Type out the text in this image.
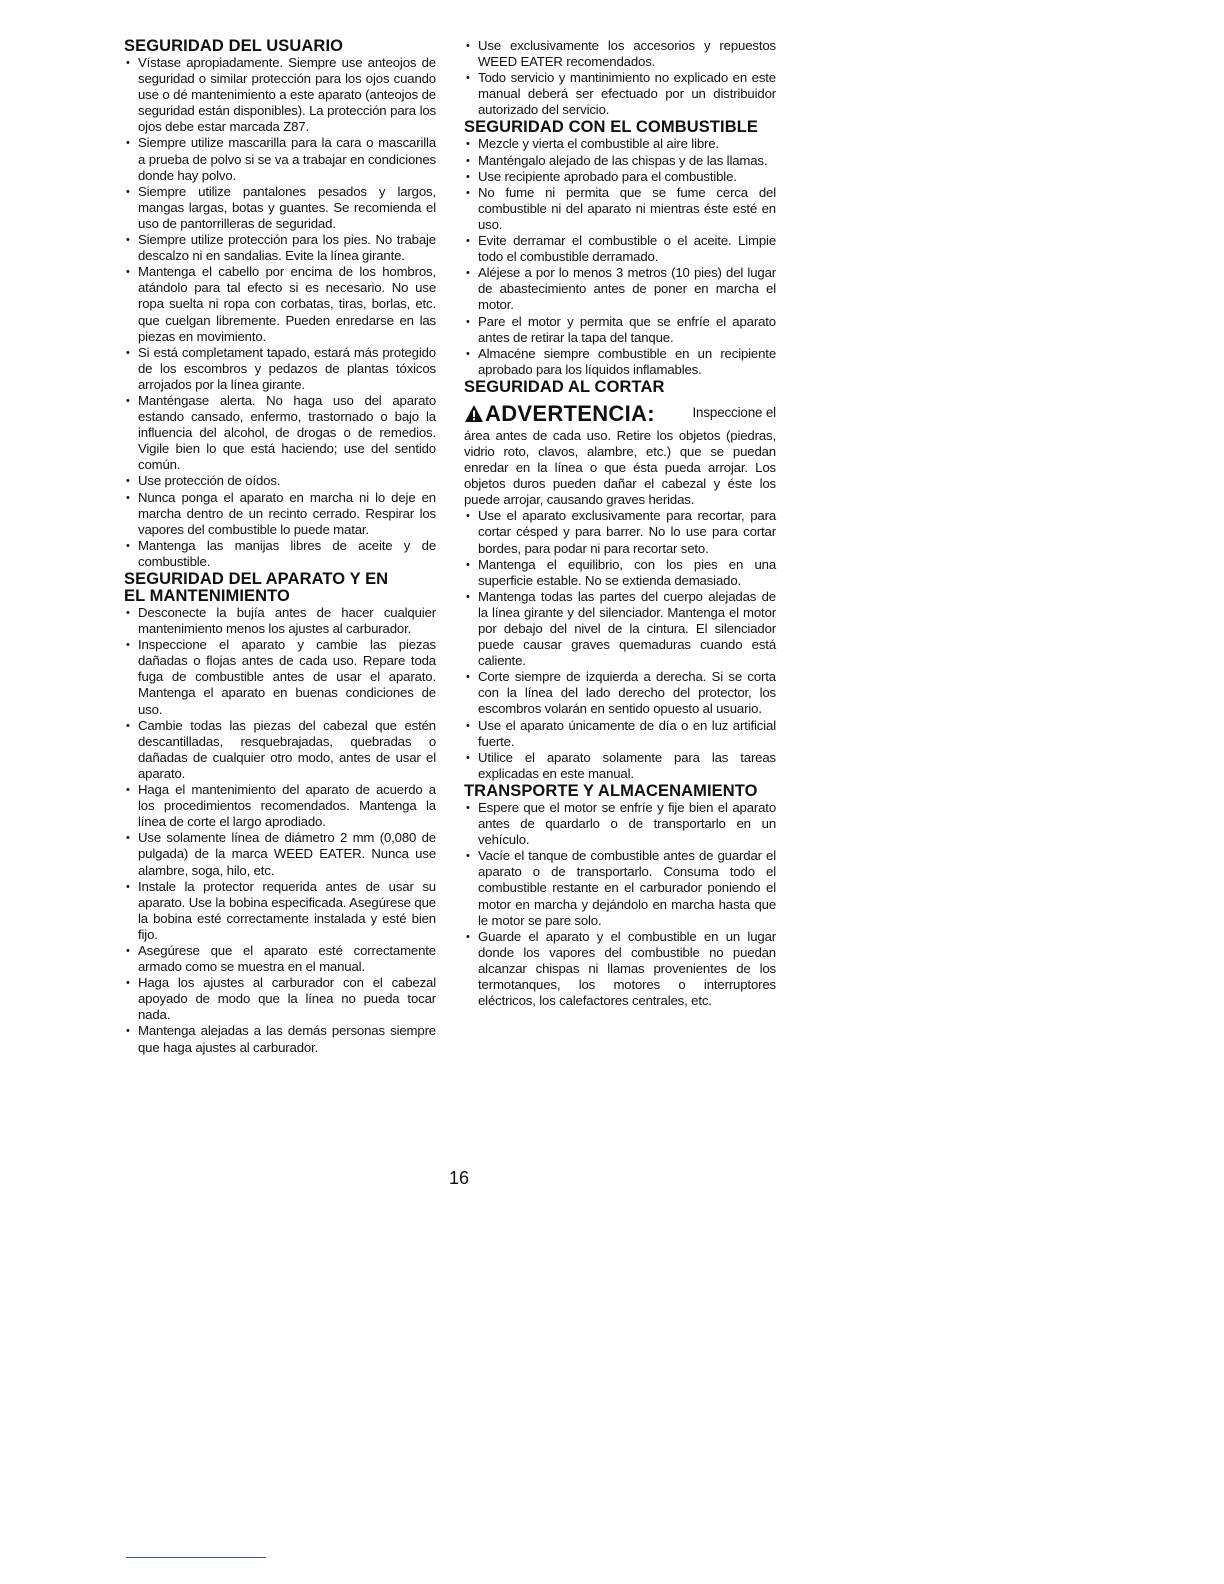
SEGURIDAD DEL USUARIO
• Vístase apropiadamente. Siempre use anteojos de seguridad o similar protección para los ojos cuando use o dé mantenimiento a este aparato (anteojos de seguridad están disponibles). La protección para los ojos debe estar marcada Z87.
• Siempre utilize mascarilla para la cara o mascarilla a prueba de polvo si se va a trabajar en condiciones donde hay polvo.
• Siempre utilize pantalones pesados y largos, mangas largas, botas y guantes. Se recomienda el uso de pantorrilleras de seguridad.
• Siempre utilize protección para los pies. No trabaje descalzo ni en sandalias. Evite la línea girante.
• Mantenga el cabello por encima de los hombros, atándolo para tal efecto si es necesario. No use ropa suelta ni ropa con corbatas, tiras, borlas, etc. que cuelgan libremente. Pueden enredarse en las piezas en movimiento.
• Si está completament tapado, estará más protegido de los escombros y pedazos de plantas tóxicos arrojados por la línea girante.
• Manténgase alerta. No haga uso del aparato estando cansado, enfermo, trastornado o bajo la influencia del alcohol, de drogas o de remedios. Vigile bien lo que está haciendo; use del sentido común.
• Use protección de oídos.
• Nunca ponga el aparato en marcha ni lo deje en marcha dentro de un recinto cerrado. Respirar los vapores del combustible lo puede matar.
• Mantenga las manijas libres de aceite y de combustible.
SEGURIDAD DEL APARATO Y EN
EL MANTENIMIENTO
• Desconecte la bujía antes de hacer cualquier mantenimiento menos los ajustes al carburador.
• Inspeccione el aparato y cambie las piezas dañadas o flojas antes de cada uso. Repare toda fuga de combustible antes de usar el aparato. Mantenga el aparato en buenas condiciones de uso.
• Cambie todas las piezas del cabezal que estén descantilladas, resquebrajadas, quebradas o dañadas de cualquier otro modo, antes de usar el aparato.
• Haga el mantenimiento del aparato de acuerdo a los procedimientos recomendados. Mantenga la línea de corte el largo aprodiado.
• Use solamente línea de diámetro 2 mm (0,080 de pulgada) de la marca WEED EATER. Nunca use alambre, soga, hilo, etc.
• Instale la protector requerida antes de usar su aparato. Use la bobina especificada. Asegúrese que la bobina esté correctamente instalada y esté bien fijo.
• Asegúrese que el aparato esté correctamente armado como se muestra en el manual.
• Haga los ajustes al carburador con el cabezal apoyado de modo que la línea no pueda tocar nada.
• Mantenga alejadas a las demás personas siempre que haga ajustes al carburador.
• Use exclusivamente los accesorios y repuestos WEED EATER recomendados.
• Todo servicio y mantinimiento no explicado en este manual deberá ser efectuado por un distribuidor autorizado del servicio.
SEGURIDAD CON EL COMBUSTIBLE
• Mezcle y vierta el combustible al aire libre.
• Manténgalo alejado de las chispas y de las llamas.
• Use recipiente aprobado para el combustible.
• No fume ni permita que se fume cerca del combustible ni del aparato ni mientras éste esté en uso.
• Evite derramar el combustible o el aceite. Limpie todo el combustible derramado.
• Aléjese a por lo menos 3 metros (10 pies) del lugar de abastecimiento antes de poner en marcha el motor.
• Pare el motor y permita que se enfríe el aparato antes de retirar la tapa del tanque.
• Almacéne siempre combustible en un recipiente aprobado para los líquidos inflamables.
SEGURIDAD AL CORTAR
ADVERTENCIA:	Inspeccione el
área antes de cada uso. Retire los objetos (piedras, vidrio roto, clavos, alambre, etc.) que se puedan enredar en la línea o que ésta pueda arrojar. Los objetos duros pueden dañar el cabezal y éste los puede arrojar, causando graves heridas.

• Use el aparato exclusivamente para recortar, para cortar césped y para barrer. No lo use para cortar bordes, para podar ni para recortar seto.
• Mantenga el equilibrio, con los pies en una superficie estable. No se extienda demasiado.
• Mantenga todas las partes del cuerpo alejadas de la línea girante y del silenciador. Mantenga el motor por debajo del nivel de la cintura. El silenciador puede causar graves quemaduras cuando está caliente.
• Corte siempre de izquierda a derecha. Si se corta con la línea del lado derecho del protector, los escombros volarán en sentido opuesto al usuario.
• Use el aparato únicamente de día o en luz artificial fuerte.
• Utilice el aparato solamente para las tareas explicadas en este manual.
TRANSPORTE Y ALMACENAMIENTO
• Espere que el motor se enfríe y fije bien el aparato antes de quardarlo o de transportarlo en un vehículo.
• Vacíe el tanque de combustible antes de guardar el aparato o de transportarlo. Consuma todo el combustible restante en el carburador poniendo el motor en marcha y dejándolo en marcha hasta que le motor se pare solo.
• Guarde el aparato y el combustible en un lugar donde los vapores del combustible no puedan alcanzar chispas ni llamas provenientes de los termotanques, los motores o interruptores eléctricos, los calefactores centrales, etc.
16
